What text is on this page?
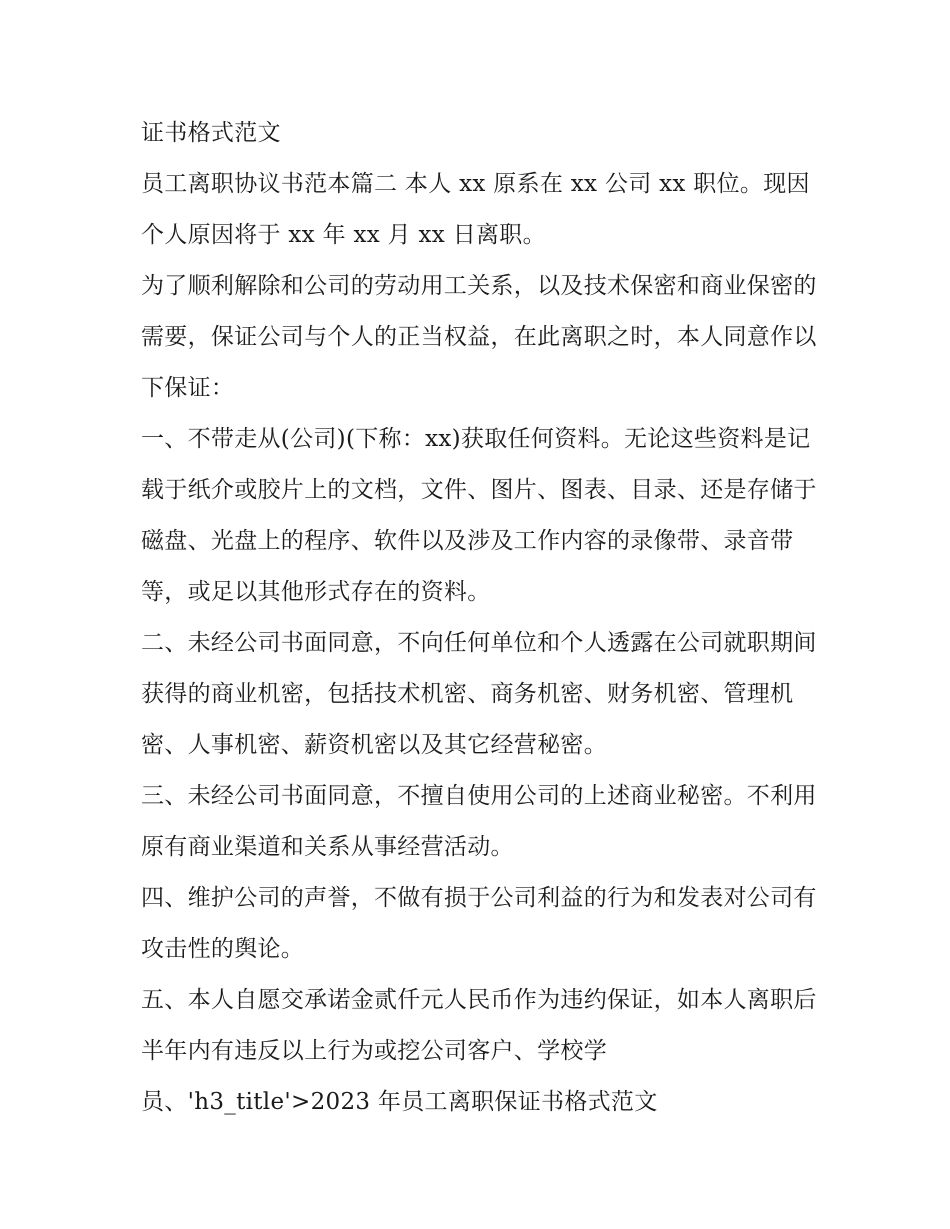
证书格式范文

员工离职协议书范本篇二 本人 xx 原系在 xx 公司 xx 职位。现因个人原因将于 xx 年 xx 月 xx 日离职。

为了顺利解除和公司的劳动用工关系，以及技术保密和商业保密的需要，保证公司与个人的正当权益，在此离职之时，本人同意作以下保证：

一、不带走从(公司)(下称：xx)获取任何资料。无论这些资料是记载于纸介或胶片上的文档，文件、图片、图表、目录、还是存储于磁盘、光盘上的程序、软件以及涉及工作内容的录像带、录音带等，或足以其他形式存在的资料。

二、未经公司书面同意，不向任何单位和个人透露在公司就职期间获得的商业机密，包括技术机密、商务机密、财务机密、管理机密、人事机密、薪资机密以及其它经营秘密。

三、未经公司书面同意，不擅自使用公司的上述商业秘密。不利用原有商业渠道和关系从事经营活动。

四、维护公司的声誉，不做有损于公司利益的行为和发表对公司有攻击性的舆论。

五、本人自愿交承诺金贰仟元人民币作为违约保证，如本人离职后半年内有违反以上行为或挖公司客户、学校学

员、'h3_title'>2023 年员工离职保证书格式范文
